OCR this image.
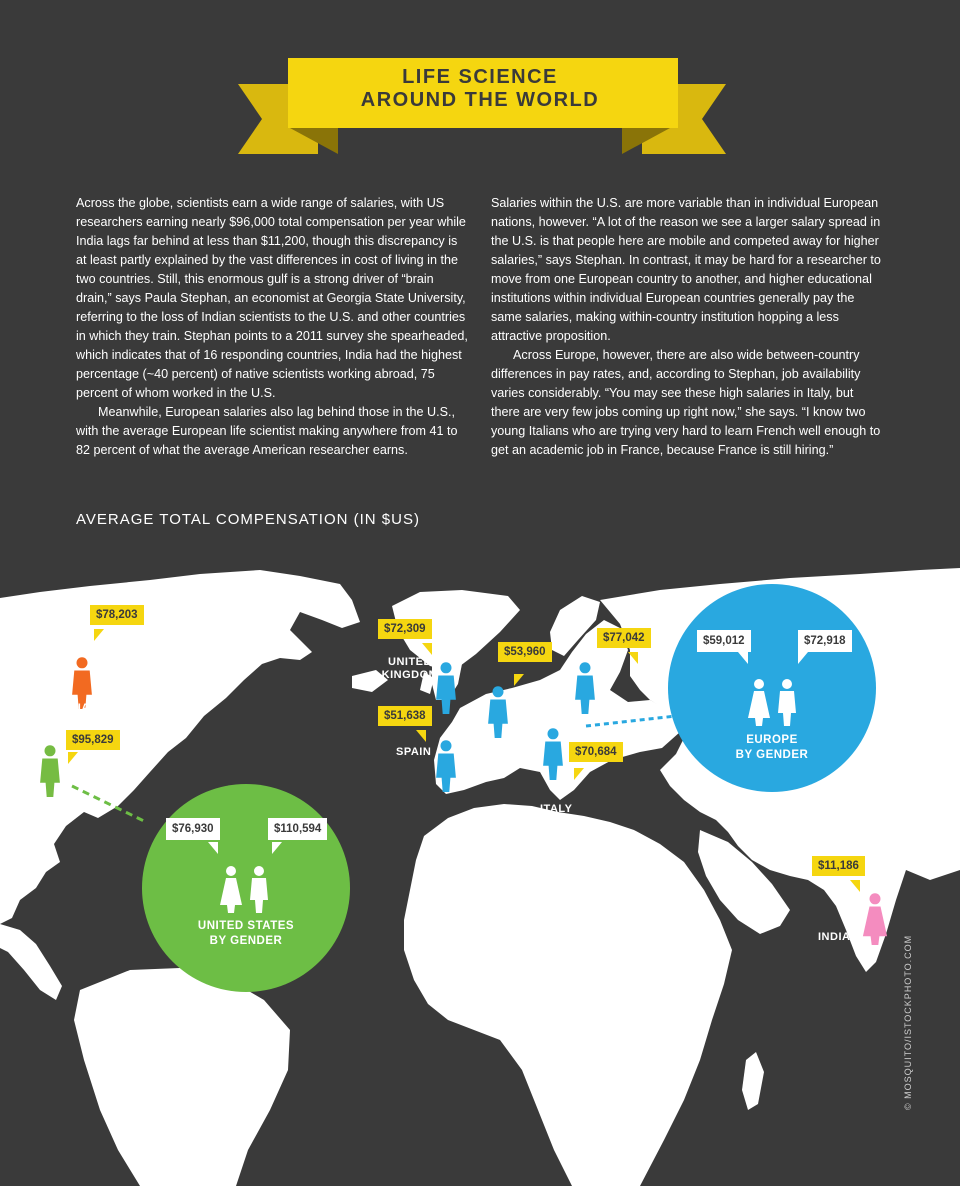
LIFE SCIENCE
AROUND THE WORLD

Across the globe, scientists earn a wide range of salaries, with US researchers earning nearly $96,000 total compensation per year while India lags far behind at less than $11,200, though this discrepancy is at least partly explained by the vast differences in cost of living in the two countries. Still, this enormous gulf is a strong driver of “brain drain,” says Paula Stephan, an economist at Georgia State University, referring to the loss of Indian scientists to the U.S. and other countries in which they train. Stephan points to a 2011 survey she spearheaded, which indicates that of 16 responding countries, India had the highest percentage (~40 percent) of native scientists working abroad, 75 percent of whom worked in the U.S.

Meanwhile, European salaries also lag behind those in the U.S., with the average European life scientist making anywhere from 41 to 82 percent of what the average American researcher earns.

Salaries within the U.S. are more variable than in individual European nations, however. “A lot of the reason we see a larger salary spread in the U.S. is that people here are mobile and competed away for higher salaries,” says Stephan. In contrast, it may be hard for a researcher to move from one European country to another, and higher educational institutions within individual European countries generally pay the same salaries, making within-country institution hopping a less attractive proposition.

Across Europe, however, there are also wide between-country differences in pay rates, and, according to Stephan, job availability varies considerably. “You may see these high salaries in Italy, but there are very few jobs coming up right now,” she says. “I know two young Italians who are trying very hard to learn French well enough to get an academic job in France, because France is still hiring.”

AVERAGE TOTAL COMPENSATION (IN $US)
$78,203
$95,829
$72,309
$53,960
$77,042
$51,638
$70,684
$11,186
CANADA
UNITED STATES
UNITED KINGDOM
FRANCE
GERMANY
SPAIN
ITALY
INDIA
$59,012	$72,918
EUROPE
BY GENDER
$76,930	$110,594
UNITED STATES
BY GENDER	© MOSQUITO/ISTOCKPHOTO.COM
